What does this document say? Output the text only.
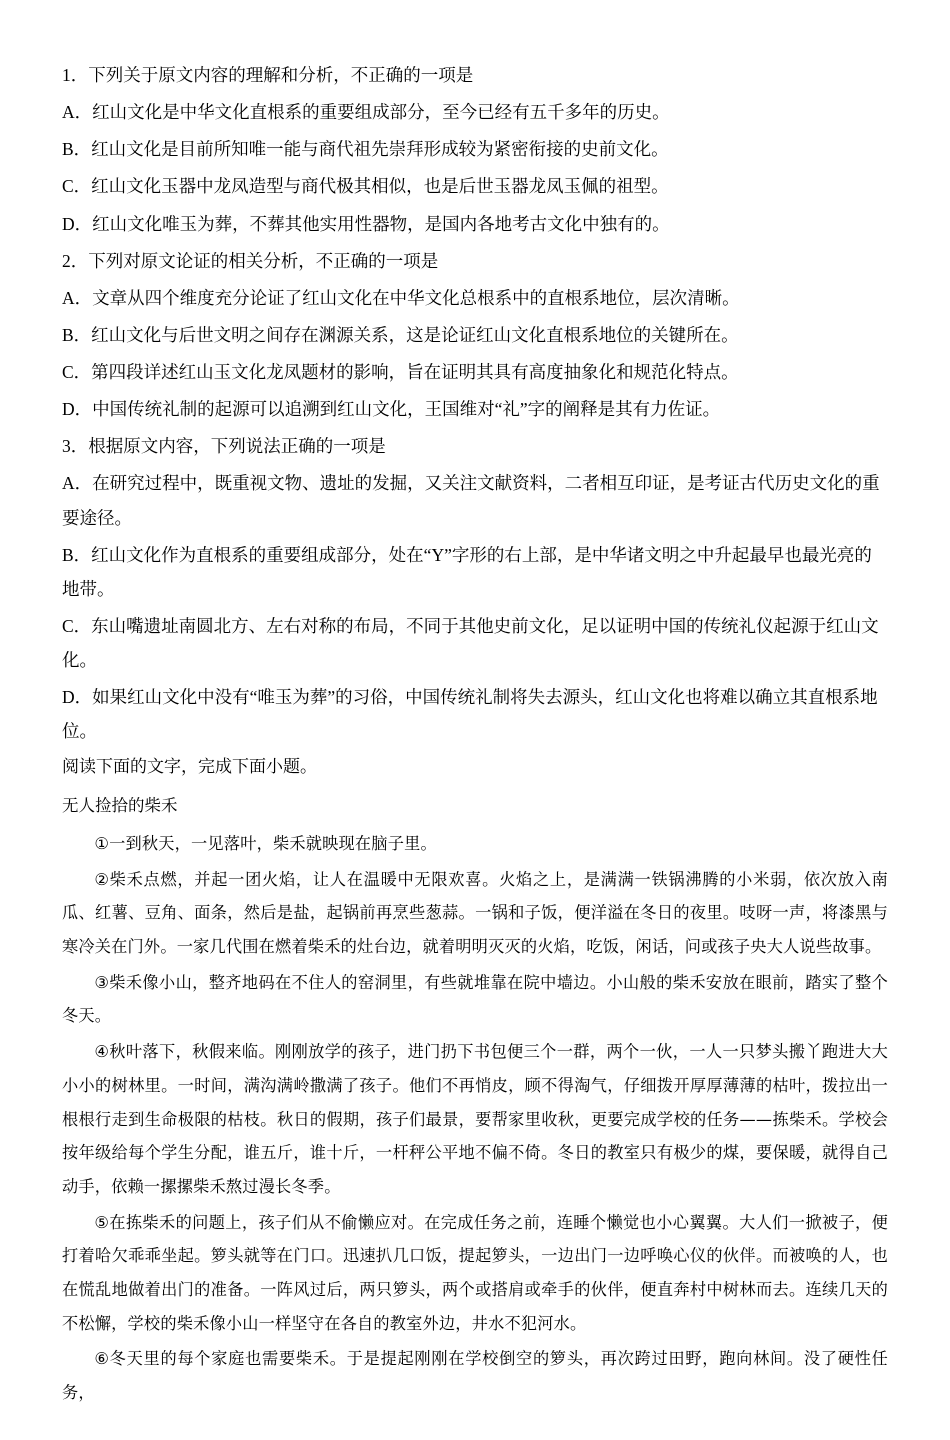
1．下列关于原文内容的理解和分析，不正确的一项是

A．红山文化是中华文化直根系的重要组成部分，至今已经有五千多年的历史。

B．红山文化是目前所知唯一能与商代祖先崇拜形成较为紧密衔接的史前文化。

C．红山文化玉器中龙凤造型与商代极其相似，也是后世玉器龙凤玉佩的祖型。

D．红山文化唯玉为葬，不葬其他实用性器物，是国内各地考古文化中独有的。

2．下列对原文论证的相关分析，不正确的一项是

A．文章从四个维度充分论证了红山文化在中华文化总根系中的直根系地位，层次清晰。

B．红山文化与后世文明之间存在渊源关系，这是论证红山文化直根系地位的关键所在。

C．第四段详述红山玉文化龙凤题材的影响，旨在证明其具有高度抽象化和规范化特点。

D．中国传统礼制的起源可以追溯到红山文化，王国维对“礼”字的阐释是其有力佐证。

3．根据原文内容，下列说法正确的一项是

A．在研究过程中，既重视文物、遗址的发掘，又关注文献资料，二者相互印证，是考证古代历史文化的重要途径。

B．红山文化作为直根系的重要组成部分，处在“Y”字形的右上部，是中华诸文明之中升起最早也最光亮的地带。

C．东山嘴遗址南圆北方、左右对称的布局，不同于其他史前文化，足以证明中国的传统礼仪起源于红山文化。

D．如果红山文化中没有“唯玉为葬”的习俗，中国传统礼制将失去源头，红山文化也将难以确立其直根系地位。

阅读下面的文字，完成下面小题。

无人捡拾的柴禾

①一到秋天，一见落叶，柴禾就映现在脑子里。

②柴禾点燃，并起一团火焰，让人在温暖中无限欢喜。火焰之上，是满满一铁锅沸腾的小米弱，依次放入南瓜、红薯、豆角、面条，然后是盐，起锅前再烹些葱蒜。一锅和子饭，便洋溢在冬日的夜里。吱呀一声，将漆黑与寒冷关在门外。一家几代围在燃着柴禾的灶台边，就着明明灭灭的火焰，吃饭，闲话，问或孩子央大人说些故事。

③柴禾像小山，整齐地码在不住人的窑洞里，有些就堆靠在院中墙边。小山般的柴禾安放在眼前，踏实了整个冬天。

④秋叶落下，秋假来临。刚刚放学的孩子，进门扔下书包便三个一群，两个一伙，一人一只梦头搬丫跑进大大小小的树林里。一时间，满沟满岭撒满了孩子。他们不再悄皮，顾不得淘气，仔细拨开厚厚薄薄的枯叶，拨拉出一根根行走到生命极限的枯枝。秋日的假期，孩子们最景，要帮家里收秋，更要完成学校的任务——拣柴禾。学校会按年级给每个学生分配，谁五斤，谁十斤，一杆秤公平地不偏不倚。冬日的教室只有极少的煤，要保暖，就得自己动手，依赖一摞摞柴禾熬过漫长冬季。

⑤在拣柴禾的问题上，孩子们从不偷懒应对。在完成任务之前，连睡个懒觉也小心翼翼。大人们一掀被子，便打着哈欠乖乖坐起。箩头就等在门口。迅速扒几口饭，提起箩头，一边出门一边呼唤心仪的伙伴。而被唤的人，也在慌乱地做着出门的准备。一阵风过后，两只箩头，两个或搭肩或牵手的伙伴，便直奔村中树林而去。连续几天的不松懈，学校的柴禾像小山一样坚守在各自的教室外边，井水不犯河水。

⑥冬天里的每个家庭也需要柴禾。于是提起刚刚在学校倒空的箩头，再次跨过田野，跑向林间。没了硬性任务，
